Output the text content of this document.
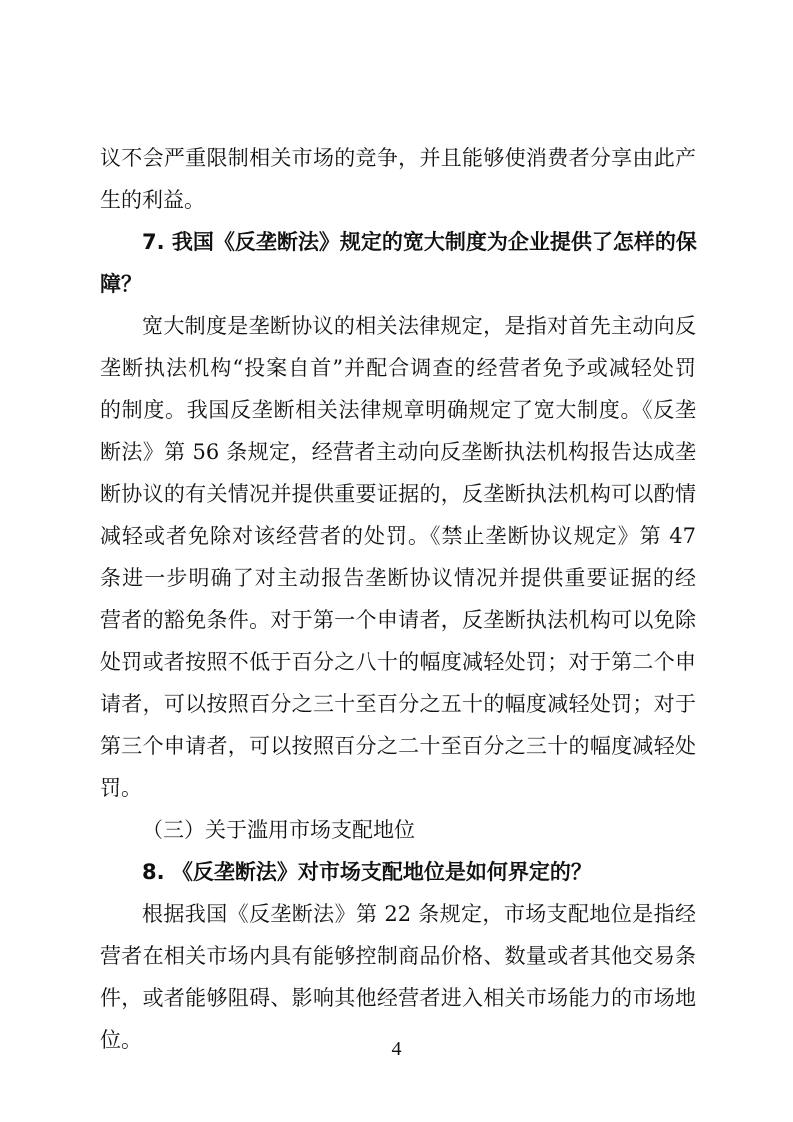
议不会严重限制相关市场的竞争，并且能够使消费者分享由此产
生的利益。
7. 我国《反垄断法》规定的宽大制度为企业提供了怎样的保
障？
宽大制度是垄断协议的相关法律规定，是指对首先主动向反
垄断执法机构“投案自首”并配合调查的经营者免予或减轻处罚
的制度。我国反垄断相关法律规章明确规定了宽大制度。《反垄
断法》第 56 条规定，经营者主动向反垄断执法机构报告达成垄
断协议的有关情况并提供重要证据的，反垄断执法机构可以酌情
减轻或者免除对该经营者的处罚。《禁止垄断协议规定》第 47
条进一步明确了对主动报告垄断协议情况并提供重要证据的经
营者的豁免条件。对于第一个申请者，反垄断执法机构可以免除
处罚或者按照不低于百分之八十的幅度减轻处罚；对于第二个申
请者，可以按照百分之三十至百分之五十的幅度减轻处罚；对于
第三个申请者，可以按照百分之二十至百分之三十的幅度减轻处
罚。
（三）关于滥用市场支配地位
8. 《反垄断法》对市场支配地位是如何界定的？
根据我国《反垄断法》第 22 条规定，市场支配地位是指经
营者在相关市场内具有能够控制商品价格、数量或者其他交易条
件，或者能够阻碍、影响其他经营者进入相关市场能力的市场地
位。	4
